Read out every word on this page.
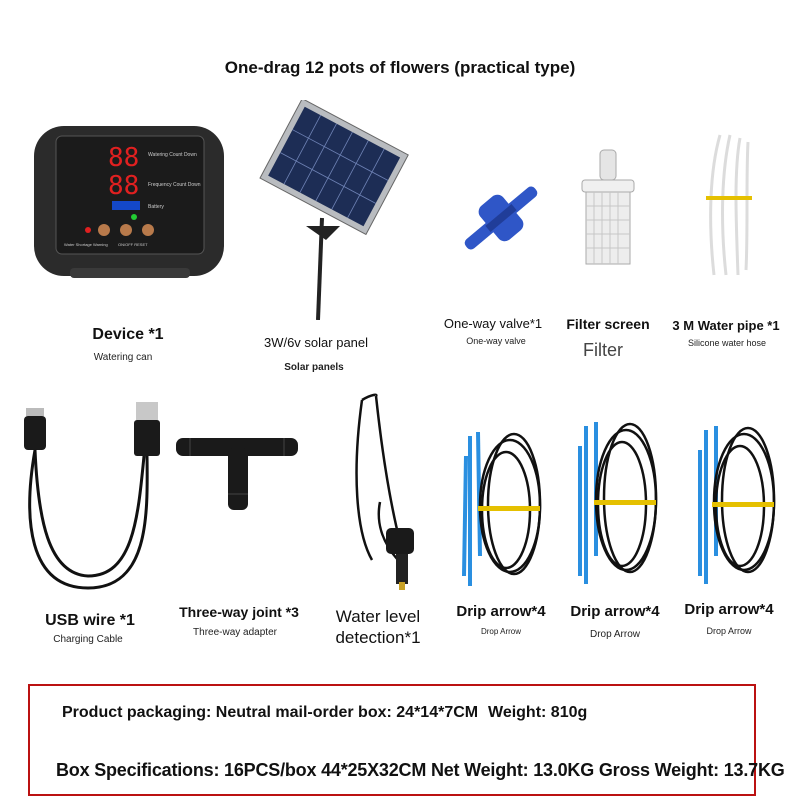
One-drag 12 pots of flowers (practical type)
88
88
Watering Count Down
Frequency Count Down
Battery
Water Shortage Warning	ON/OFF RESET
Device *1
Watering can
3W/6v solar panel
Solar panels
One-way valve*1
One-way valve
Filter screen
Filter
3 M Water pipe *1
Silicone water hose
USB wire *1
Charging Cable
Three-way joint *3
Three-way adapter
Water level detection*1
Drip arrow*4
Drop Arrow
Drip arrow*4
Drop Arrow
Drip arrow*4
Drop Arrow
Product packaging: Neutral mail-order box: 24*14*7CM Weight: 810g
Box Specifications: 16PCS/box 44*25X32CM Net Weight: 13.0KG Gross Weight: 13.7KG
